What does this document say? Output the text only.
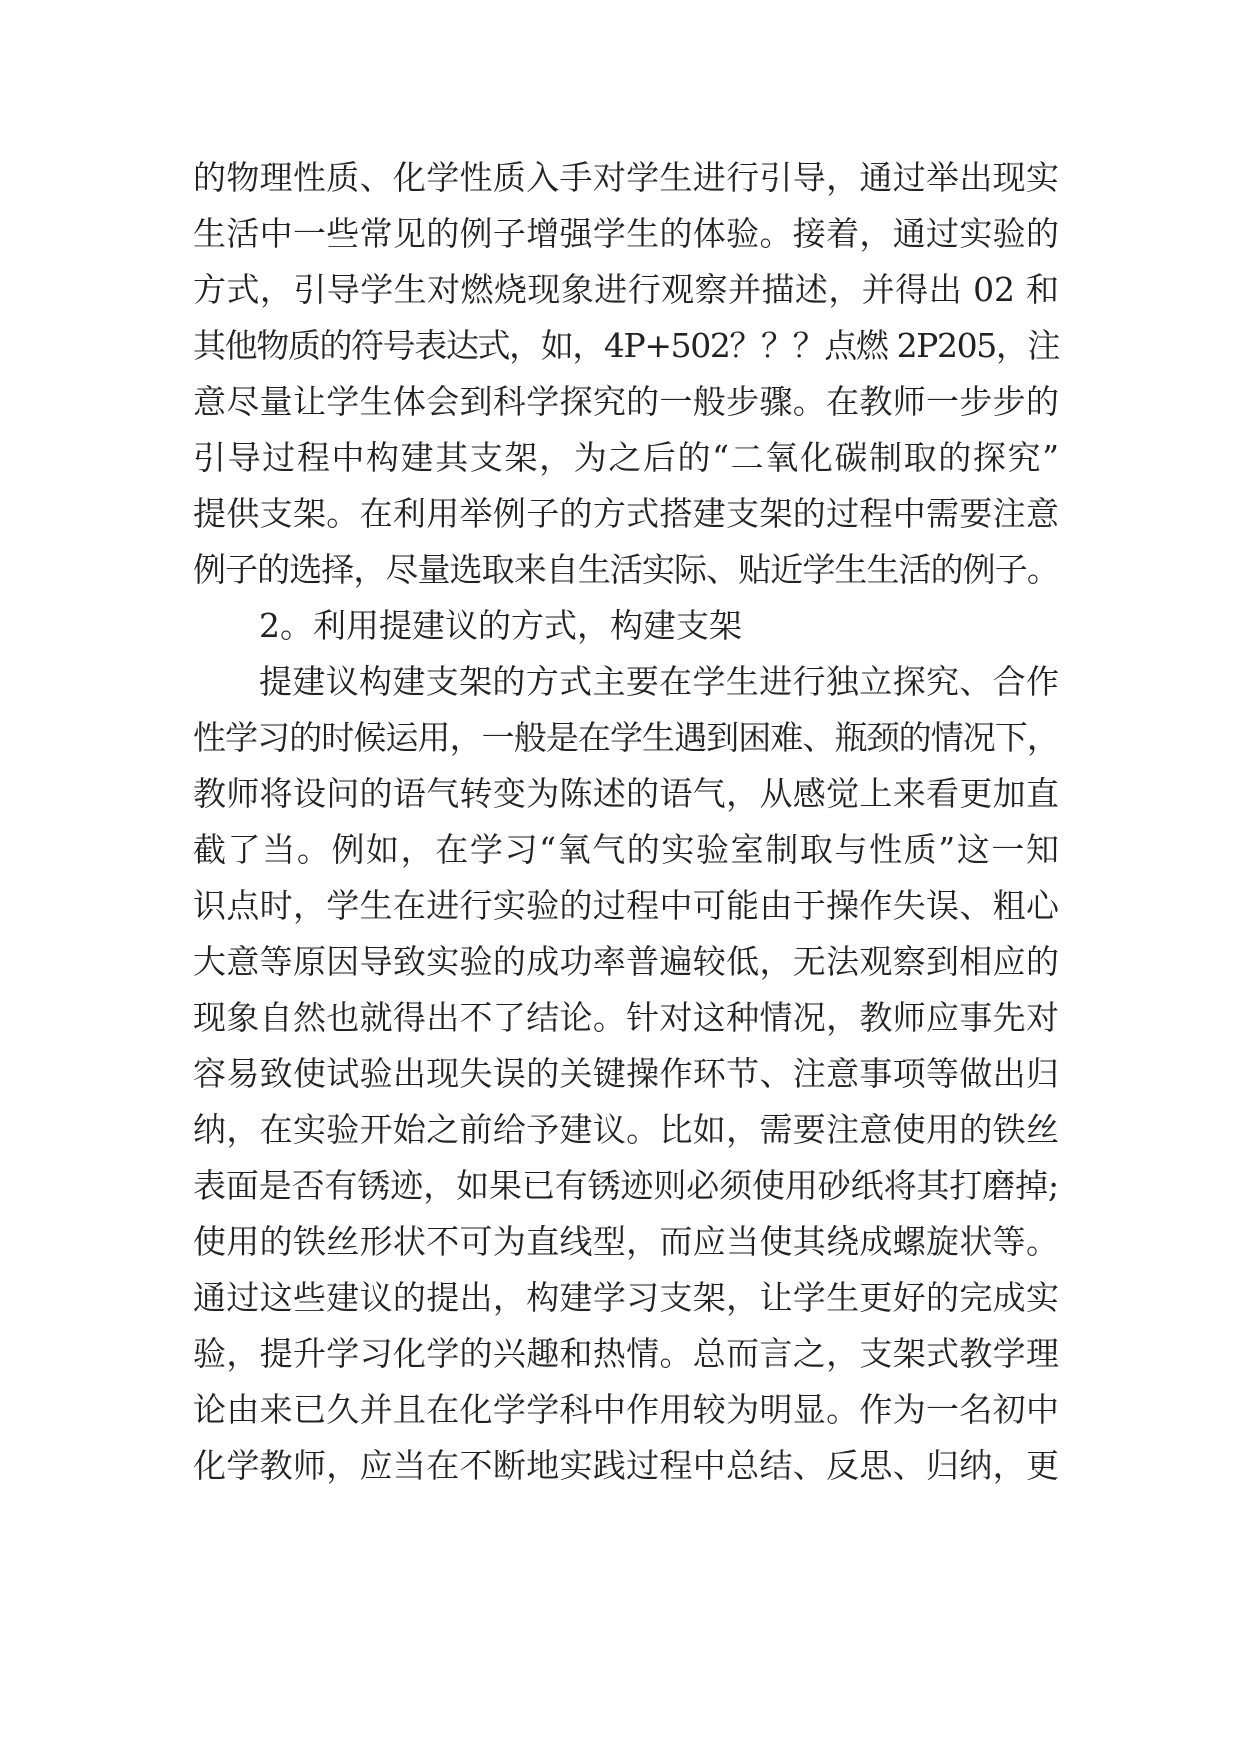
的物理性质、化学性质入手对学生进行引导，通过举出现实
生活中一些常见的例子增强学生的体验。接着，通过实验的
方式，引导学生对燃烧现象进行观察并描述，并得出 02 和
其他物质的符号表达式，如，4P+502？？？点燃 2P205，注
意尽量让学生体会到科学探究的一般步骤。在教师一步步的
引导过程中构建其支架，为之后的“二氧化碳制取的探究”
提供支架。在利用举例子的方式搭建支架的过程中需要注意
例子的选择，尽量选取来自生活实际、贴近学生生活的例子。
2。利用提建议的方式，构建支架
提建议构建支架的方式主要在学生进行独立探究、合作
性学习的时候运用，一般是在学生遇到困难、瓶颈的情况下，
教师将设问的语气转变为陈述的语气，从感觉上来看更加直
截了当。例如，在学习“氧气的实验室制取与性质”这一知
识点时，学生在进行实验的过程中可能由于操作失误、粗心
大意等原因导致实验的成功率普遍较低，无法观察到相应的
现象自然也就得出不了结论。针对这种情况，教师应事先对
容易致使试验出现失误的关键操作环节、注意事项等做出归
纳，在实验开始之前给予建议。比如，需要注意使用的铁丝
表面是否有锈迹，如果已有锈迹则必须使用砂纸将其打磨掉;
使用的铁丝形状不可为直线型，而应当使其绕成螺旋状等。
通过这些建议的提出，构建学习支架，让学生更好的完成实
验，提升学习化学的兴趣和热情。总而言之，支架式教学理
论由来已久并且在化学学科中作用较为明显。作为一名初中
化学教师，应当在不断地实践过程中总结、反思、归纳，更
